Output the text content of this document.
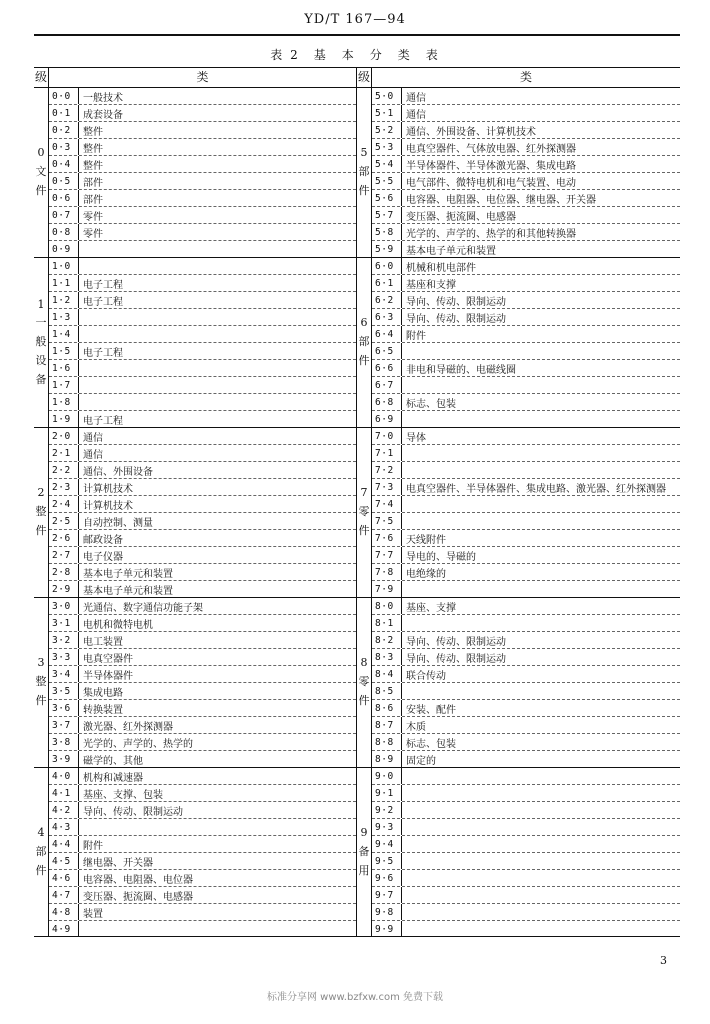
YD/T 167—94
表 2　基　本　分　类　表
级	类
0
文
件
0·0	一般技术
0·1	成套设备
0·2	整件
0·3	整件
0·4	整件
0·5	部件
0·6	部件
0·7	零件
0·8	零件
0·9
1
一
般
设
备
1·0
1·1	电子工程
1·2	电子工程
1·3
1·4
1·5	电子工程
1·6
1·7
1·8
1·9	电子工程
2
整
件
2·0	通信
2·1	通信
2·2	通信、外围设备
2·3	计算机技术
2·4	计算机技术
2·5	自动控制、测量
2·6	邮政设备
2·7	电子仪器
2·8	基本电子单元和装置
2·9	基本电子单元和装置
3
整
件
3·0	光通信、数字通信功能子架
3·1	电机和微特电机
3·2	电工装置
3·3	电真空器件
3·4	半导体器件
3·5	集成电路
3·6	转换装置
3·7	激光器、红外探测器
3·8	光学的、声学的、热学的
3·9	磁学的、其他
4
部
件
4·0	机构和减速器
4·1	基座、支撑、包装
4·2	导向、传动、限制运动
4·3
4·4	附件
4·5	继电器、开关器
4·6	电容器、电阻器、电位器
4·7	变压器、扼流圈、电感器
4·8	装置
4·9
级	类
5
部
件
5·0	通信
5·1	通信
5·2	通信、外围设备、计算机技术
5·3	电真空器件、气体放电器、红外探测器
5·4	半导体器件、半导体激光器、集成电路
5·5	电气部件、微特电机和电气装置、电动
5·6	电容器、电阻器、电位器、继电器、开关器
5·7	变压器、扼流圈、电感器
5·8	光学的、声学的、热学的和其他转换器
5·9	基本电子单元和装置
6
部
件
6·0	机械和机电部件
6·1	基座和支撑
6·2	导向、传动、限制运动
6·3	导向、传动、限制运动
6·4	附件
6·5
6·6	非电和导磁的、电磁线圈
6·7
6·8	标志、包装
6·9
7
零
件
7·0	导体
7·1
7·2
7·3	电真空器件、半导体器件、集成电路、激光器、红外探测器
7·4
7·5
7·6	天线附件
7·7	导电的、导磁的
7·8	电绝缘的
7·9
8
零
件
8·0	基座、支撑
8·1
8·2	导向、传动、限制运动
8·3	导向、传动、限制运动
8·4	联合传动
8·5
8·6	安装、配件
8·7	木质
8·8	标志、包装
8·9	固定的
9
备
用
9·0
9·1
9·2
9·3
9·4
9·5
9·6
9·7
9·8
9·9
3
标准分享网 www.bzfxw.com 免费下载
